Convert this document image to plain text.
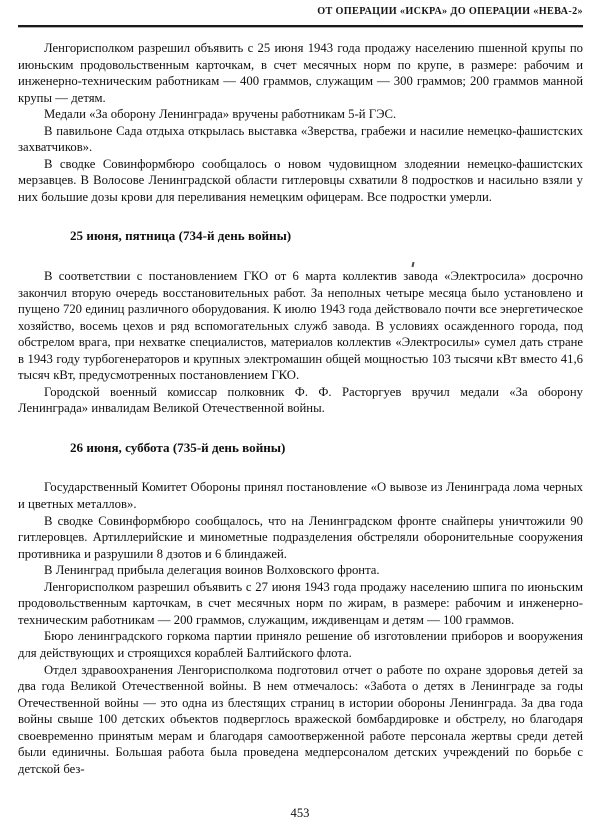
ОТ ОПЕРАЦИИ «ИСКРА» ДО ОПЕРАЦИИ «НЕВА-2»

Ленгорисполком разрешил объявить с 25 июня 1943 года продажу населению пшенной крупы по июньским продовольственным карточкам, в счет месячных норм по крупе, в размере: рабочим и инженерно-техническим работникам — 400 граммов, служащим — 300 граммов; 200 граммов манной крупы — детям.

Медали «За оборону Ленинграда» вручены работникам 5-й ГЭС.

В павильоне Сада отдыха открылась выставка «Зверства, грабежи и насилие немецко-фашистских захватчиков».

В сводке Совинформбюро сообщалось о новом чудовищном злодеянии немецко-фашистских мерзавцев. В Волосове Ленинградской области гитлеровцы схватили 8 подростков и насильно взяли у них большие дозы крови для переливания немецким офицерам. Все подростки умерли.

25 июня, пятница (734-й день войны)

В соответствии с постановлением ГКО от 6 марта коллектив завода «Электросила» досрочно закончил вторую очередь восстановительных работ. За неполных четыре месяца было установлено и пущено 720 единиц различного оборудования. К июлю 1943 года действовало почти все энергетическое хозяйство, восемь цехов и ряд вспомогательных служб завода. В условиях осажденного города, под обстрелом врага, при нехватке специалистов, материалов коллектив «Электросилы» сумел дать стране в 1943 году турбогенераторов и крупных электромашин общей мощностью 103 тысячи кВт вместо 41,6 тысяч кВт, предусмотренных постановлением ГКО.

Городской военный комиссар полковник Ф. Ф. Расторгуев вручил медали «За оборону Ленинграда» инвалидам Великой Отечественной войны.

26 июня, суббота (735-й день войны)

Государственный Комитет Обороны принял постановление «О вывозе из Ленинграда лома черных и цветных металлов».

В сводке Совинформбюро сообщалось, что на Ленинградском фронте снайперы уничтожили 90 гитлеровцев. Артиллерийские и минометные подразделения обстреляли оборонительные сооружения противника и разрушили 8 дзотов и 6 блиндажей.

В Ленинград прибыла делегация воинов Волховского фронта.

Ленгорисполком разрешил объявить с 27 июня 1943 года продажу населению шпига по июньским продовольственным карточкам, в счет месячных норм по жирам, в размере: рабочим и инженерно-техническим работникам — 200 граммов, служащим, иждивенцам и детям — 100 граммов.

Бюро ленинградского горкома партии приняло решение об изготовлении приборов и вооружения для действующих и строящихся кораблей Балтийского флота.

Отдел здравоохранения Ленгорисполкома подготовил отчет о работе по охране здоровья детей за два года Великой Отечественной войны. В нем отмечалось: «Забота о детях в Ленинграде за годы Отечественной войны — это одна из блестящих страниц в истории обороны Ленинграда. За два года войны свыше 100 детских объектов подверглось вражеской бомбардировке и обстрелу, но благодаря своевременно принятым мерам и благодаря самоотверженной работе персонала жертвы среди детей были единичны. Большая работа была проведена медперсоналом детских учреждений по борьбе с детской без-

453
